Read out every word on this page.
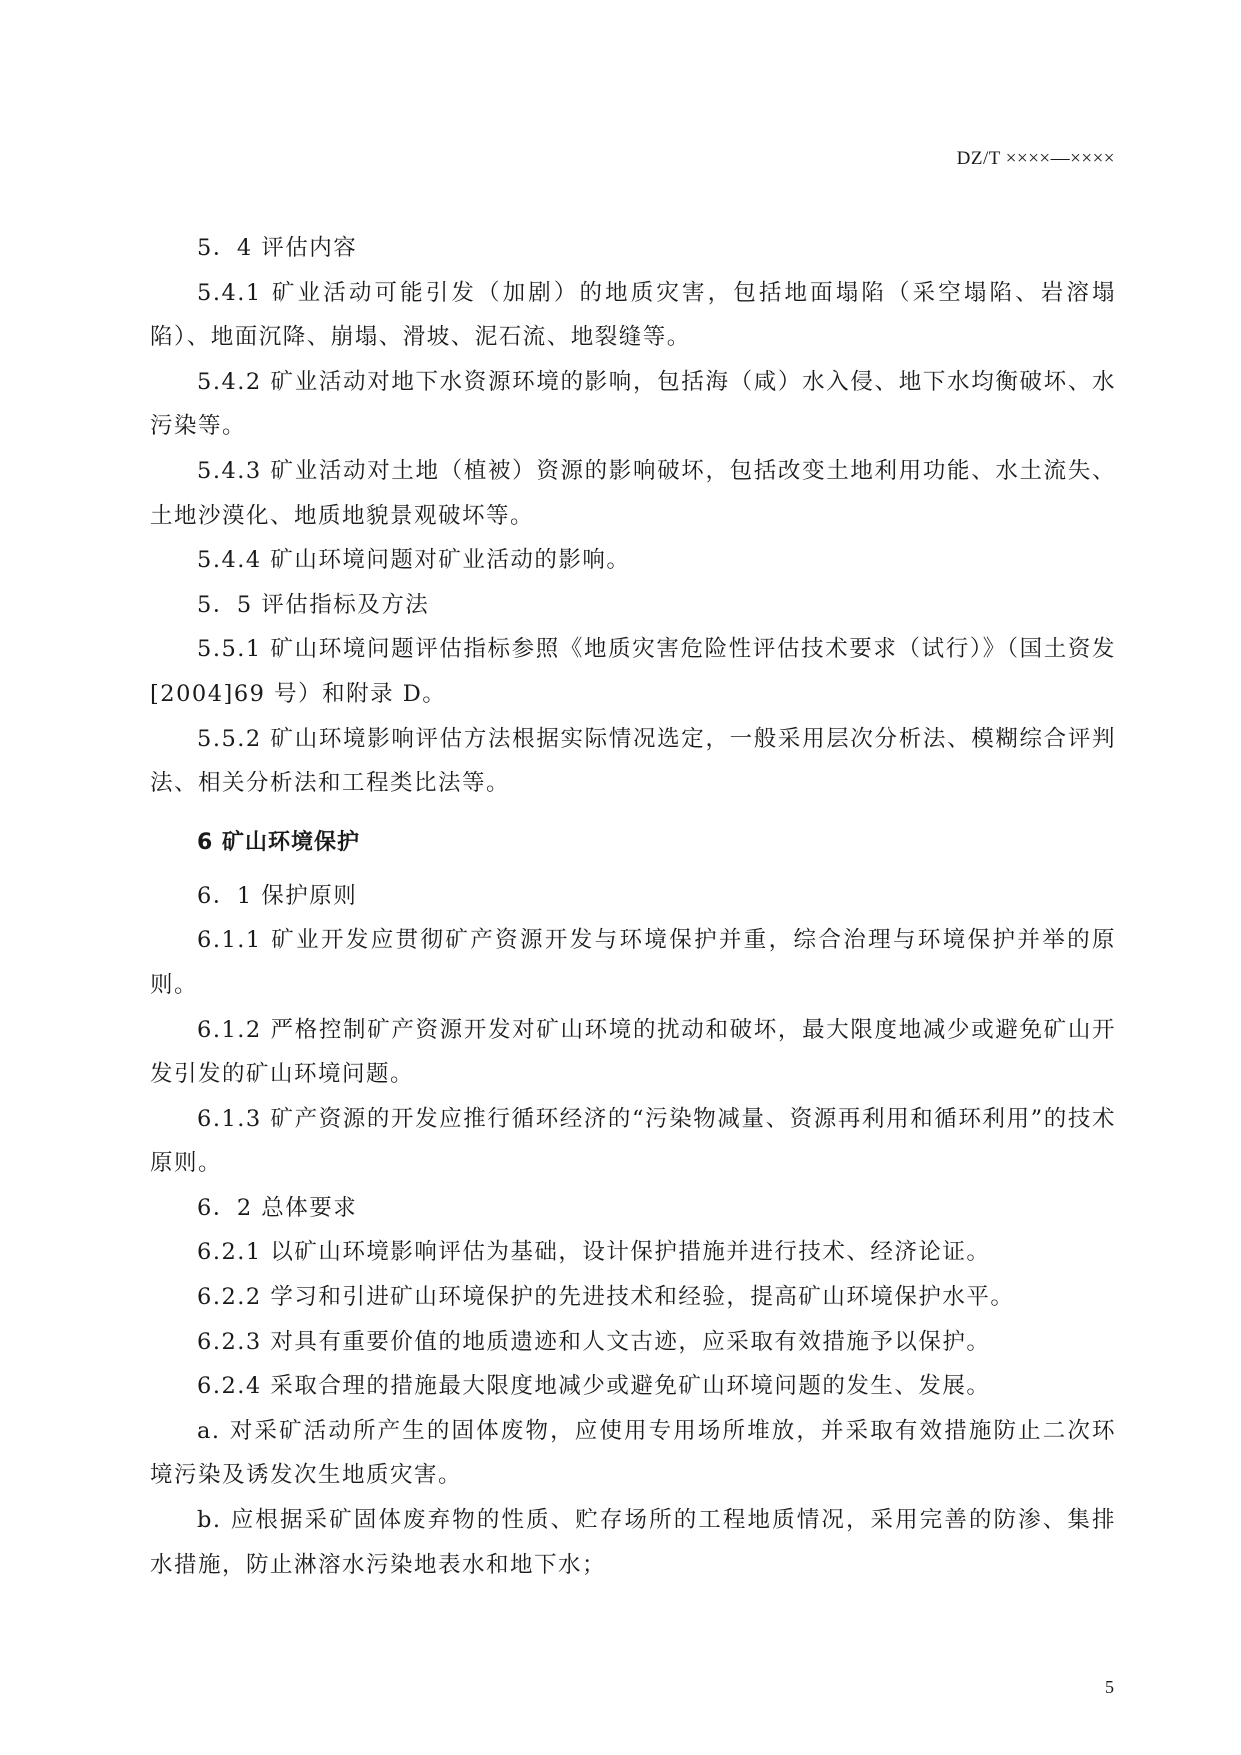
DZ/T ××××—××××

5．4 评估内容

5.4.1 矿业活动可能引发（加剧）的地质灾害，包括地面塌陷（采空塌陷、岩溶塌陷）、地面沉降、崩塌、滑坡、泥石流、地裂缝等。

5.4.2 矿业活动对地下水资源环境的影响，包括海（咸）水入侵、地下水均衡破坏、水污染等。

5.4.3 矿业活动对土地（植被）资源的影响破坏，包括改变土地利用功能、水土流失、土地沙漠化、地质地貌景观破坏等。

5.4.4 矿山环境问题对矿业活动的影响。

5．5 评估指标及方法

5.5.1 矿山环境问题评估指标参照《地质灾害危险性评估技术要求（试行）》（国土资发[2004]69 号）和附录 D。

5.5.2 矿山环境影响评估方法根据实际情况选定，一般采用层次分析法、模糊综合评判法、相关分析法和工程类比法等。

6 矿山环境保护

6．1 保护原则

6.1.1 矿业开发应贯彻矿产资源开发与环境保护并重，综合治理与环境保护并举的原则。

6.1.2 严格控制矿产资源开发对矿山环境的扰动和破坏，最大限度地减少或避免矿山开发引发的矿山环境问题。

6.1.3 矿产资源的开发应推行循环经济的“污染物减量、资源再利用和循环利用”的技术原则。

6．2 总体要求

6.2.1 以矿山环境影响评估为基础，设计保护措施并进行技术、经济论证。

6.2.2 学习和引进矿山环境保护的先进技术和经验，提高矿山环境保护水平。

6.2.3 对具有重要价值的地质遗迹和人文古迹，应采取有效措施予以保护。

6.2.4 采取合理的措施最大限度地减少或避免矿山环境问题的发生、发展。

a. 对采矿活动所产生的固体废物，应使用专用场所堆放，并采取有效措施防止二次环境污染及诱发次生地质灾害。

b. 应根据采矿固体废弃物的性质、贮存场所的工程地质情况，采用完善的防渗、集排水措施，防止淋溶水污染地表水和地下水；

5
